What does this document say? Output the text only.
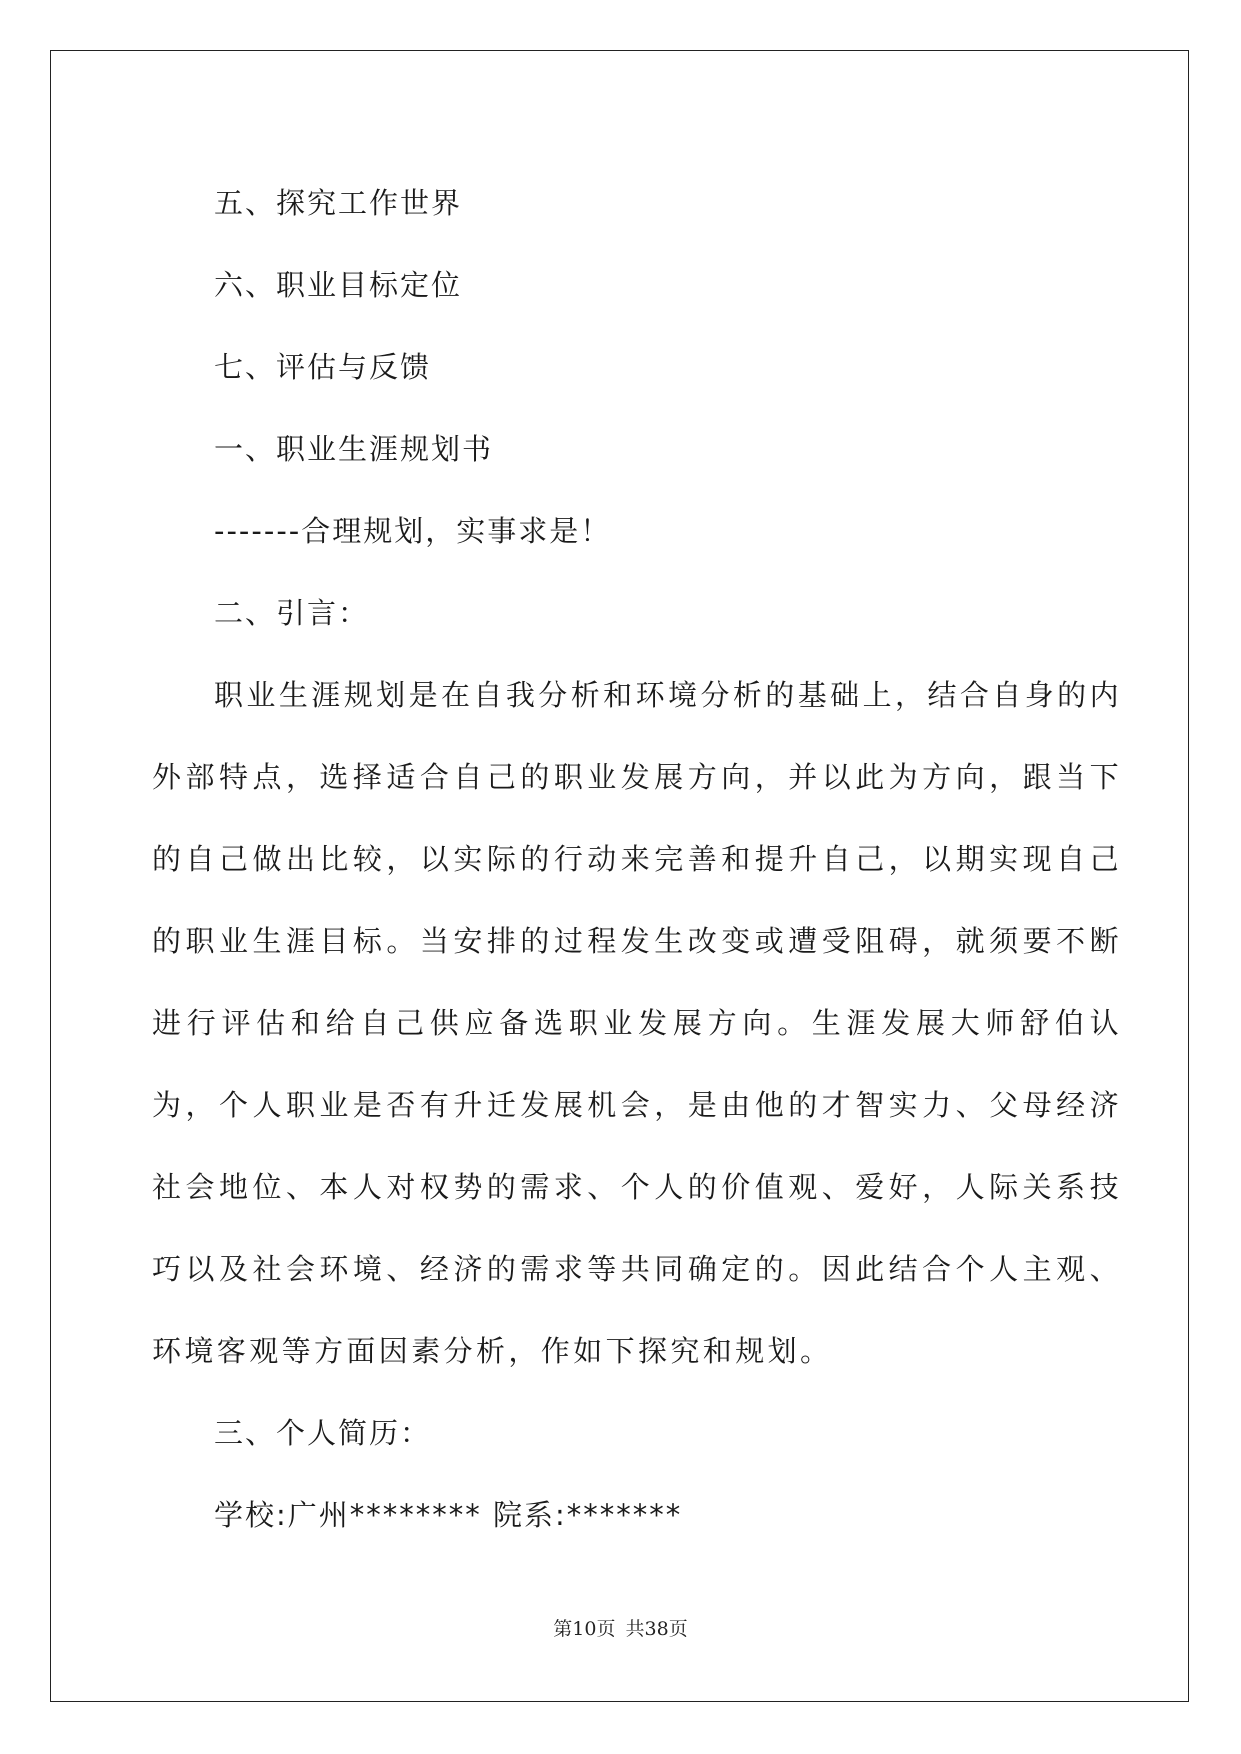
五、探究工作世界
六、职业目标定位
七、评估与反馈
一、职业生涯规划书
-------合理规划，实事求是！
二、引言：

职业生涯规划是在自我分析和环境分析的基础上，结合自身的内外部特点，选择适合自己的职业发展方向，并以此为方向，跟当下的自己做出比较，以实际的行动来完善和提升自己，以期实现自己的职业生涯目标。当安排的过程发生改变或遭受阻碍，就须要不断进行评估和给自己供应备选职业发展方向。生涯发展大师舒伯认为，个人职业是否有升迁发展机会，是由他的才智实力、父母经济社会地位、本人对权势的需求、个人的价值观、爱好，人际关系技巧以及社会环境、经济的需求等共同确定的。因此结合个人主观、环境客观等方面因素分析，作如下探究和规划。

三、个人简历：
学校:广州******** 院系:*******
第10页 共38页
